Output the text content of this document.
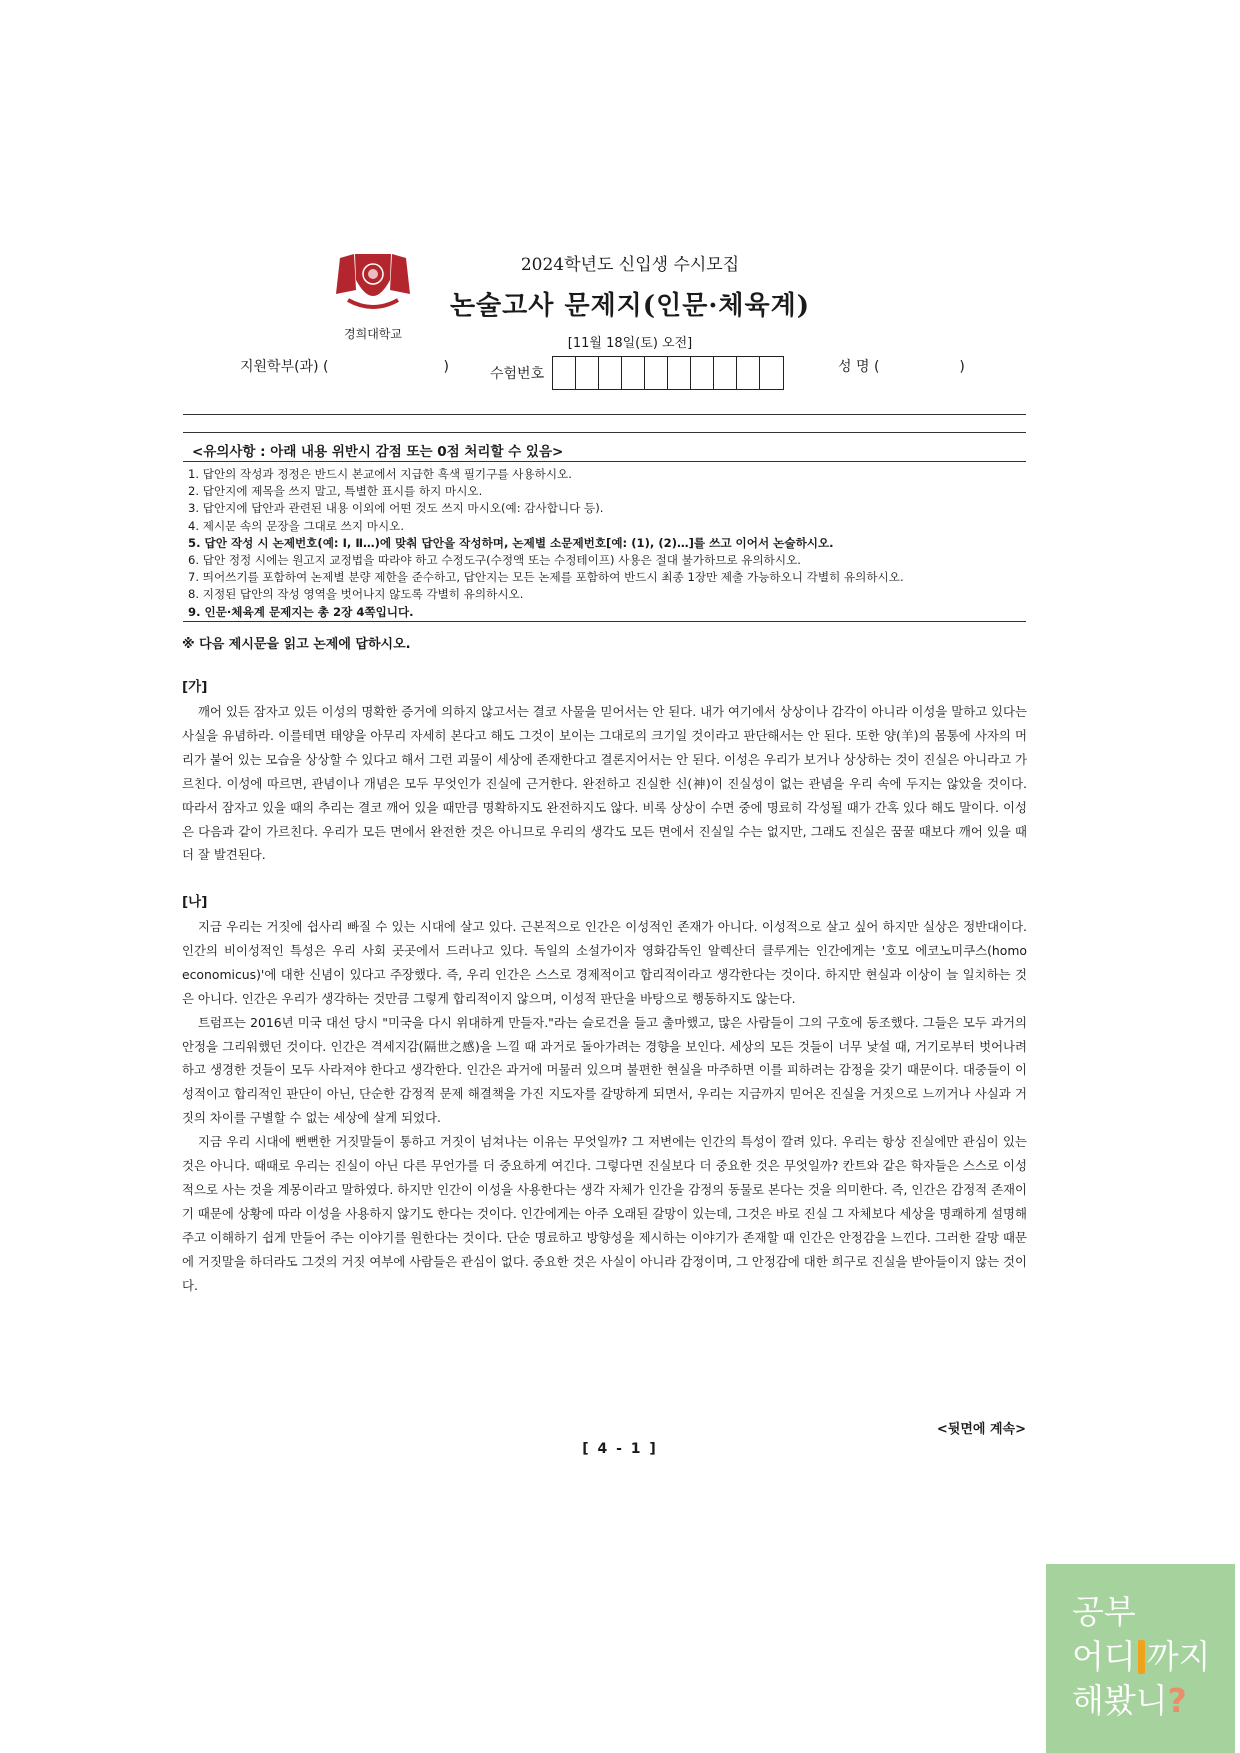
경희대학교
2024학년도 신입생 수시모집
논술고사 문제지(인문·체육계)
[11월 18일(토) 오전]
지원학부(과) (	)	수험번호	성 명 (	)
<유의사항 : 아래 내용 위반시 감점 또는 0점 처리할 수 있음>
1. 답안의 작성과 정정은 반드시 본교에서 지급한 흑색 필기구를 사용하시오.
2. 답안지에 제목을 쓰지 말고, 특별한 표시를 하지 마시오.
3. 답안지에 답안과 관련된 내용 이외에 어떤 것도 쓰지 마시오(예: 감사합니다 등).
4. 제시문 속의 문장을 그대로 쓰지 마시오.
5. 답안 작성 시 논제번호(예: Ⅰ, Ⅱ…)에 맞춰 답안을 작성하며, 논제별 소문제번호[예: (1), (2)…]를 쓰고 이어서 논술하시오.
6. 답안 정정 시에는 원고지 교정법을 따라야 하고 수정도구(수정액 또는 수정테이프) 사용은 절대 불가하므로 유의하시오.
7. 띄어쓰기를 포함하여 논제별 분량 제한을 준수하고, 답안지는 모든 논제를 포함하여 반드시 최종 1장만 제출 가능하오니 각별히 유의하시오.
8. 지정된 답안의 작성 영역을 벗어나지 않도록 각별히 유의하시오.
9. 인문·체육계 문제지는 총 2장 4쪽입니다.
※ 다음 제시문을 읽고 논제에 답하시오.
[가]

깨어 있든 잠자고 있든 이성의 명확한 증거에 의하지 않고서는 결코 사물을 믿어서는 안 된다. 내가 여기에서 상상이나 감각이 아니라 이성을 말하고 있다는 사실을 유념하라. 이를테면 태양을 아무리 자세히 본다고 해도 그것이 보이는 그대로의 크기일 것이라고 판단해서는 안 된다. 또한 양(羊)의 몸통에 사자의 머리가 붙어 있는 모습을 상상할 수 있다고 해서 그런 괴물이 세상에 존재한다고 결론지어서는 안 된다. 이성은 우리가 보거나 상상하는 것이 진실은 아니라고 가르친다. 이성에 따르면, 관념이나 개념은 모두 무엇인가 진실에 근거한다. 완전하고 진실한 신(神)이 진실성이 없는 관념을 우리 속에 두지는 않았을 것이다. 따라서 잠자고 있을 때의 추리는 결코 깨어 있을 때만큼 명확하지도 완전하지도 않다. 비록 상상이 수면 중에 명료히 각성될 때가 간혹 있다 해도 말이다. 이성은 다음과 같이 가르친다. 우리가 모든 면에서 완전한 것은 아니므로 우리의 생각도 모든 면에서 진실일 수는 없지만, 그래도 진실은 꿈꿀 때보다 깨어 있을 때 더 잘 발견된다.

[나]

지금 우리는 거짓에 쉽사리 빠질 수 있는 시대에 살고 있다. 근본적으로 인간은 이성적인 존재가 아니다. 이성적으로 살고 싶어 하지만 실상은 정반대이다. 인간의 비이성적인 특성은 우리 사회 곳곳에서 드러나고 있다. 독일의 소설가이자 영화감독인 알렉산더 클루게는 인간에게는 '호모 에코노미쿠스(homo economicus)'에 대한 신념이 있다고 주장했다. 즉, 우리 인간은 스스로 경제적이고 합리적이라고 생각한다는 것이다. 하지만 현실과 이상이 늘 일치하는 것은 아니다. 인간은 우리가 생각하는 것만큼 그렇게 합리적이지 않으며, 이성적 판단을 바탕으로 행동하지도 않는다.

트럼프는 2016년 미국 대선 당시 "미국을 다시 위대하게 만들자."라는 슬로건을 들고 출마했고, 많은 사람들이 그의 구호에 동조했다. 그들은 모두 과거의 안정을 그리워했던 것이다. 인간은 격세지감(隔世之感)을 느낄 때 과거로 돌아가려는 경향을 보인다. 세상의 모든 것들이 너무 낯설 때, 거기로부터 벗어나려 하고 생경한 것들이 모두 사라져야 한다고 생각한다. 인간은 과거에 머물러 있으며 불편한 현실을 마주하면 이를 피하려는 감정을 갖기 때문이다. 대중들이 이성적이고 합리적인 판단이 아닌, 단순한 감정적 문제 해결책을 가진 지도자를 갈망하게 되면서, 우리는 지금까지 믿어온 진실을 거짓으로 느끼거나 사실과 거짓의 차이를 구별할 수 없는 세상에 살게 되었다.

지금 우리 시대에 뻔뻔한 거짓말들이 통하고 거짓이 넘쳐나는 이유는 무엇일까? 그 저변에는 인간의 특성이 깔려 있다. 우리는 항상 진실에만 관심이 있는 것은 아니다. 때때로 우리는 진실이 아닌 다른 무언가를 더 중요하게 여긴다. 그렇다면 진실보다 더 중요한 것은 무엇일까? 칸트와 같은 학자들은 스스로 이성적으로 사는 것을 계몽이라고 말하였다. 하지만 인간이 이성을 사용한다는 생각 자체가 인간을 감정의 동물로 본다는 것을 의미한다. 즉, 인간은 감정적 존재이기 때문에 상황에 따라 이성을 사용하지 않기도 한다는 것이다. 인간에게는 아주 오래된 갈망이 있는데, 그것은 바로 진실 그 자체보다 세상을 명쾌하게 설명해 주고 이해하기 쉽게 만들어 주는 이야기를 원한다는 것이다. 단순 명료하고 방향성을 제시하는 이야기가 존재할 때 인간은 안정감을 느낀다. 그러한 갈망 때문에 거짓말을 하더라도 그것의 거짓 여부에 사람들은 관심이 없다. 중요한 것은 사실이 아니라 감정이며, 그 안정감에 대한 희구로 진실을 받아들이지 않는 것이다.

<뒷면에 계속>
[ 4 - 1 ]
공부
어디 까지
해봤니?
